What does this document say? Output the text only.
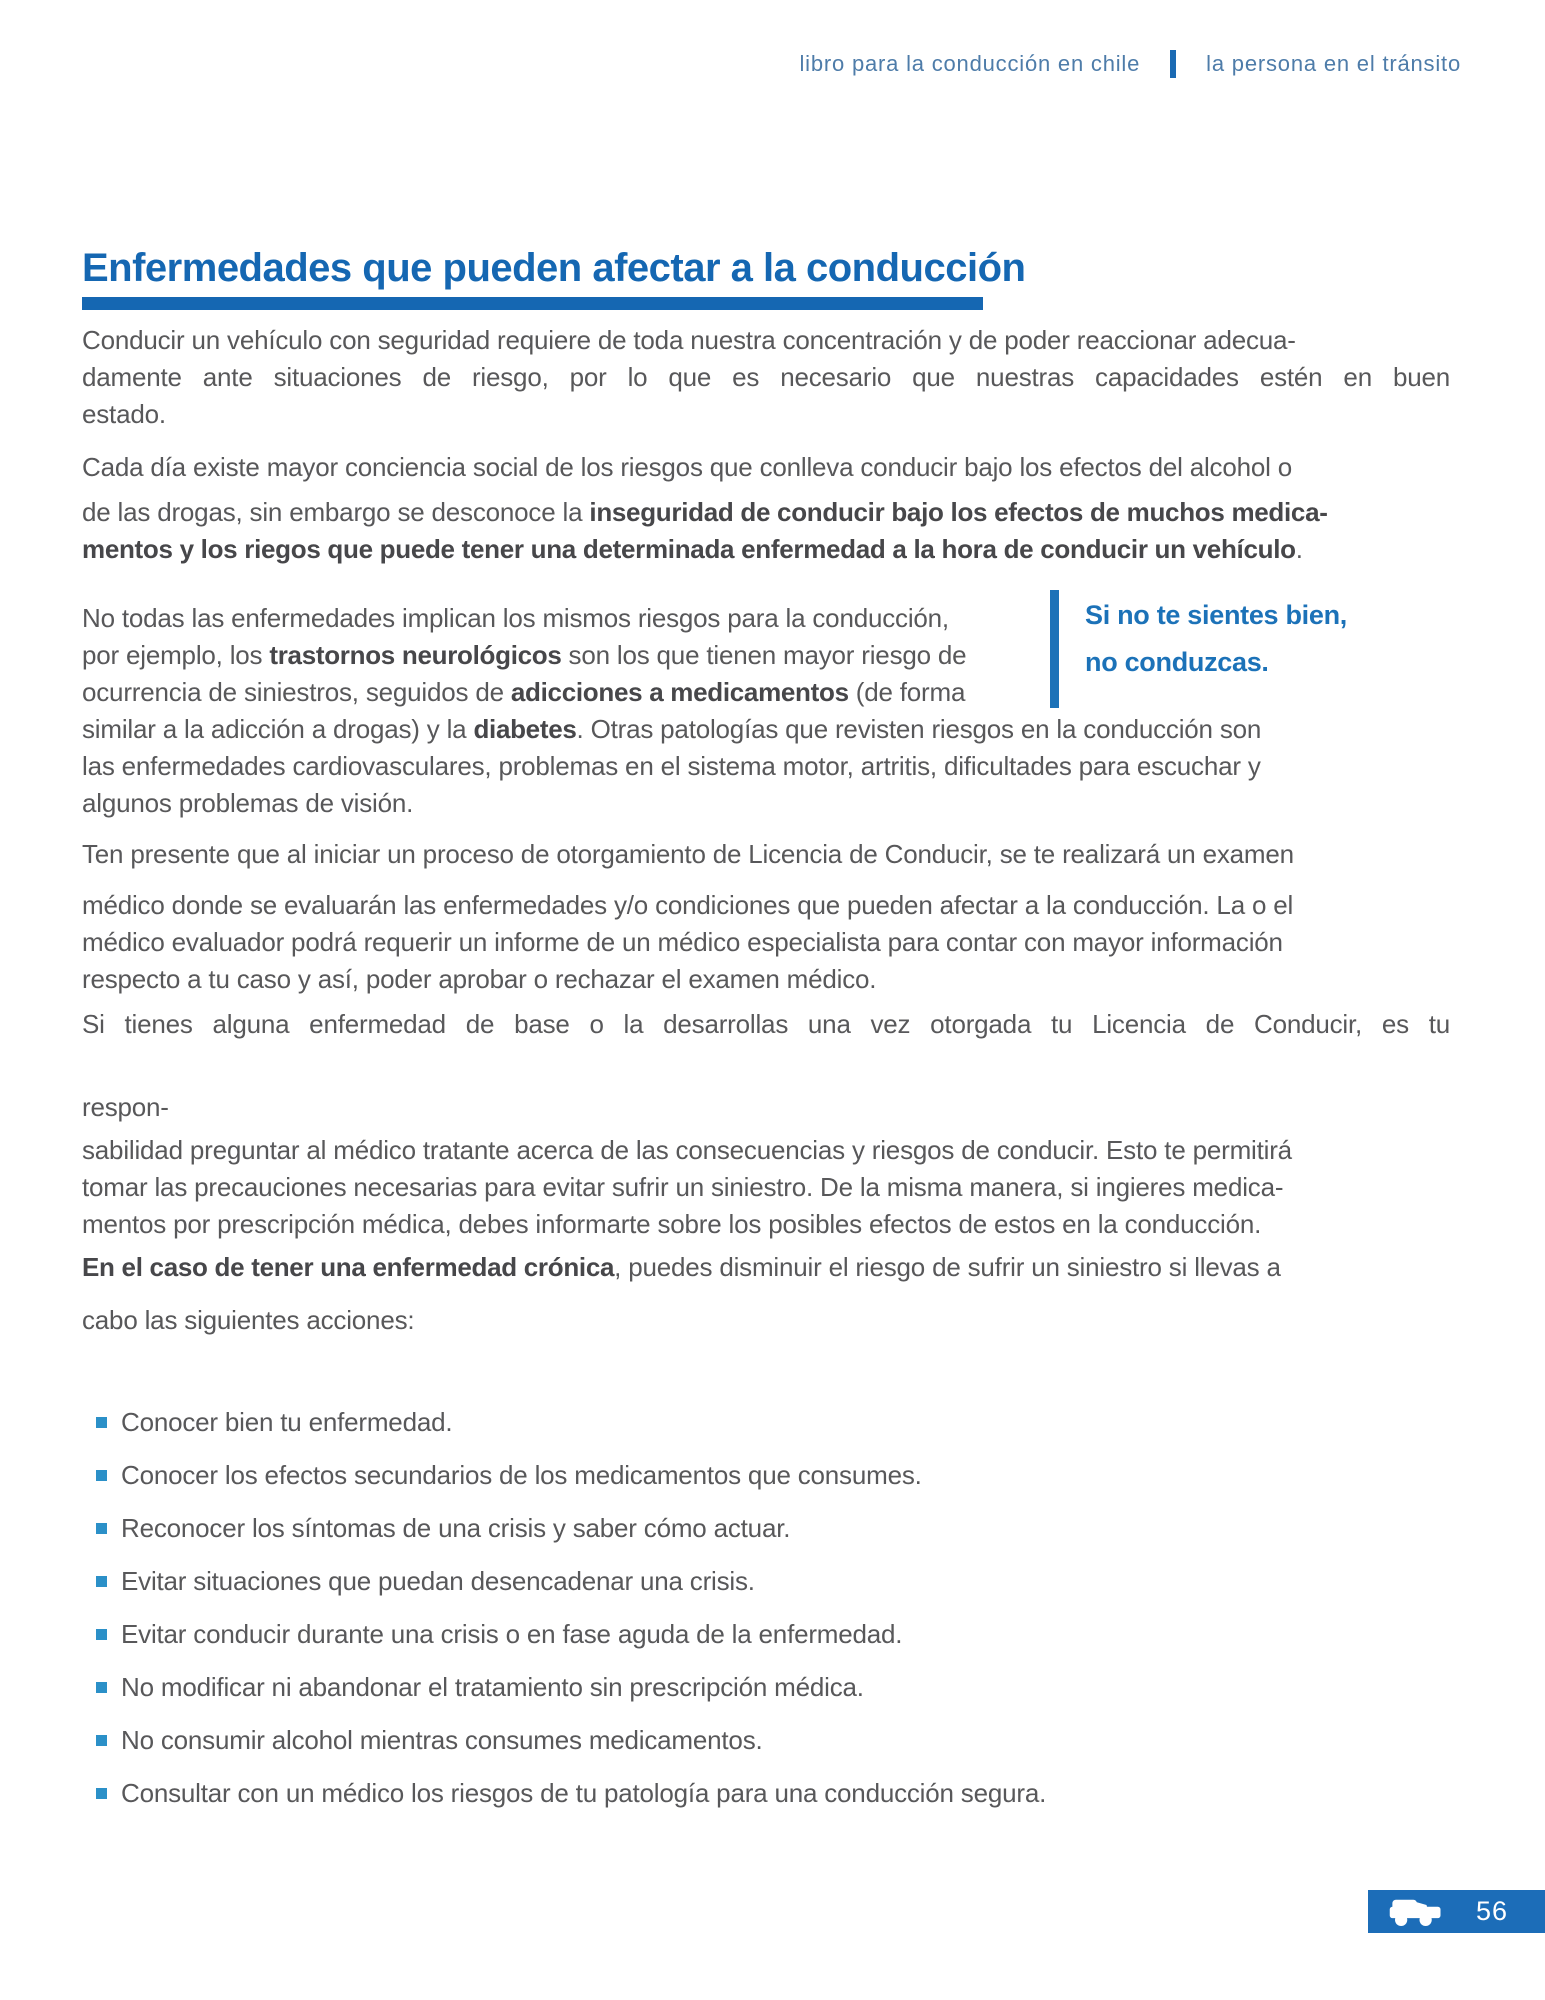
libro para la conducción en chile	la persona en el tránsito
Enfermedades que pueden afectar a la conducción

Conducir un vehículo con seguridad requiere de toda nuestra concentración y de poder reaccionar adecua-
damente ante situaciones de riesgo, por lo que es necesario que nuestras capacidades estén en buen
estado.

Cada día existe mayor conciencia social de los riesgos que conlleva conducir bajo los efectos del alcohol o
de las drogas, sin embargo se desconoce la inseguridad de conducir bajo los efectos de muchos medica-
mentos y los riegos que puede tener una determinada enfermedad a la hora de conducir un vehículo.

Si no te sientes bien,
no conduzcas.
No todas las enfermedades implican los mismos riesgos para la conducción,
por ejemplo, los trastornos neurológicos son los que tienen mayor riesgo de
ocurrencia de siniestros, seguidos de adicciones a medicamentos (de forma
similar a la adicción a drogas) y la diabetes. Otras patologías que revisten riesgos en la conducción son
las enfermedades cardiovasculares, problemas en el sistema motor, artritis, dificultades para escuchar y
algunos problemas de visión.

Ten presente que al iniciar un proceso de otorgamiento de Licencia de Conducir, se te realizará un examen
médico donde se evaluarán las enfermedades y/o condiciones que pueden afectar a la conducción. La o el
médico evaluador podrá requerir un informe de un médico especialista para contar con mayor información
respecto a tu caso y así, poder aprobar o rechazar el examen médico.

Si tienes alguna enfermedad de base o la desarrollas una vez otorgada tu Licencia de Conducir, es tu
respon-
sabilidad preguntar al médico tratante acerca de las consecuencias y riesgos de conducir. Esto te permitirá
tomar las precauciones necesarias para evitar sufrir un siniestro. De la misma manera, si ingieres medica-
mentos por prescripción médica, debes informarte sobre los posibles efectos de estos en la conducción.

En el caso de tener una enfermedad crónica, puedes disminuir el riesgo de sufrir un siniestro si llevas a
cabo las siguientes acciones:

Conocer bien tu enfermedad.
Conocer los efectos secundarios de los medicamentos que consumes.
Reconocer los síntomas de una crisis y saber cómo actuar.
Evitar situaciones que puedan desencadenar una crisis.
Evitar conducir durante una crisis o en fase aguda de la enfermedad.
No modificar ni abandonar el tratamiento sin prescripción médica.
No consumir alcohol mientras consumes medicamentos.
Consultar con un médico los riesgos de tu patología para una conducción segura.
56
